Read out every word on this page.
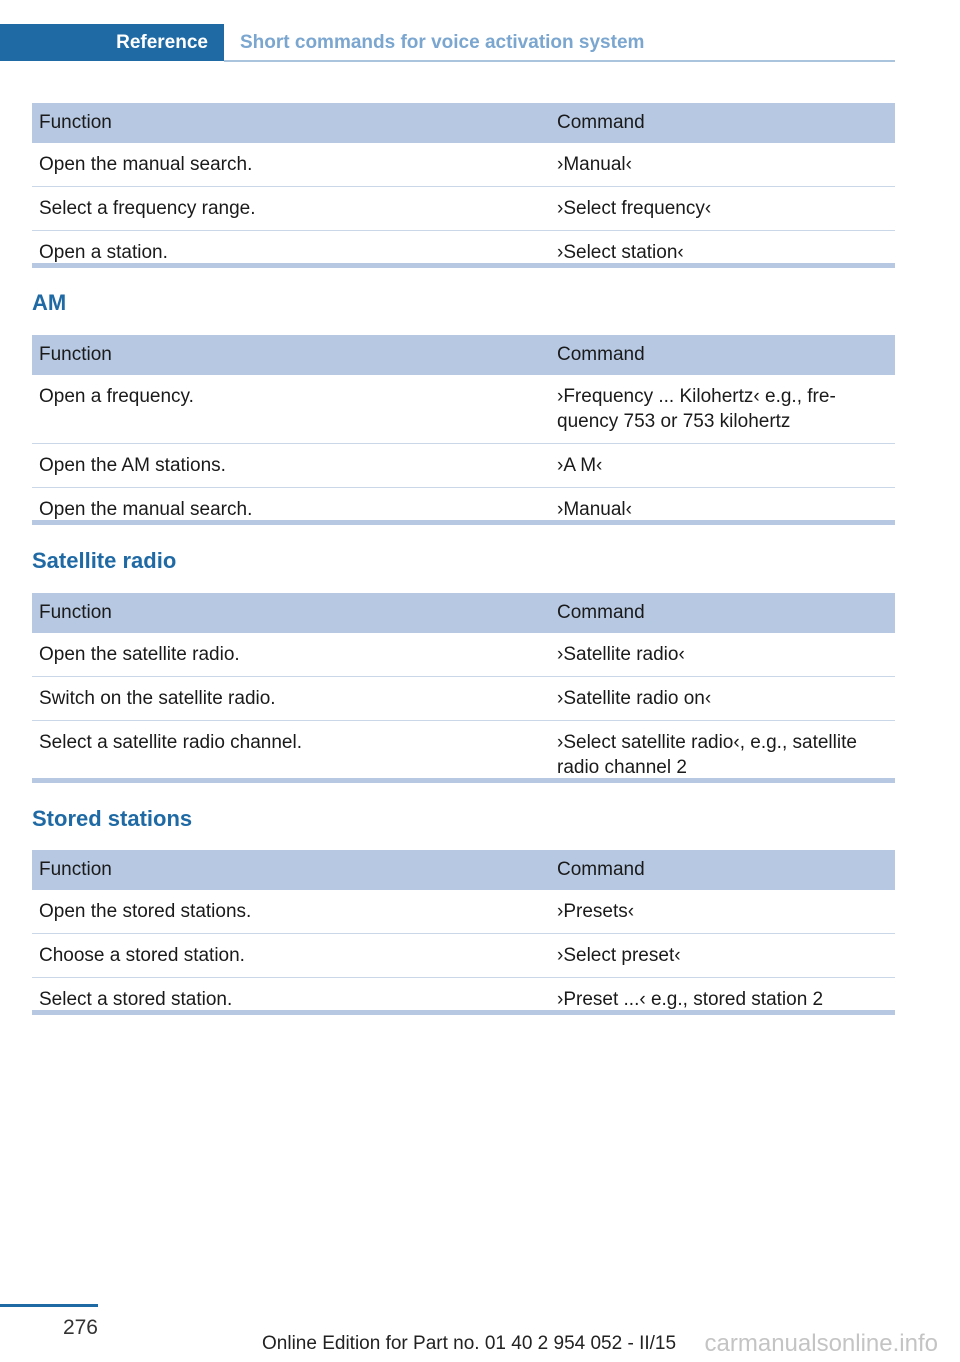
Reference	Short commands for voice activation system
Function	Command
Open the manual search.	›Manual‹
Select a frequency range.	›Select frequency‹
Open a station.	›Select station‹
AM
Function	Command
Open a frequency.	›Frequency ... Kilohertz‹ e.g., fre‐quency 753 or 753 kilohertz
Open the AM stations.	›A M‹
Open the manual search.	›Manual‹
Satellite radio
Function	Command
Open the satellite radio.	›Satellite radio‹
Switch on the satellite radio.	›Satellite radio on‹
Select a satellite radio channel.	›Select satellite radio‹, e.g., satellite radio channel 2
Stored stations
Function	Command
Open the stored stations.	›Presets‹
Choose a stored station.	›Select preset‹
Select a stored station.	›Preset ...‹ e.g., stored station 2
276
Online Edition for Part no. 01 40 2 954 052 - II/15 carmanualsonline.info
